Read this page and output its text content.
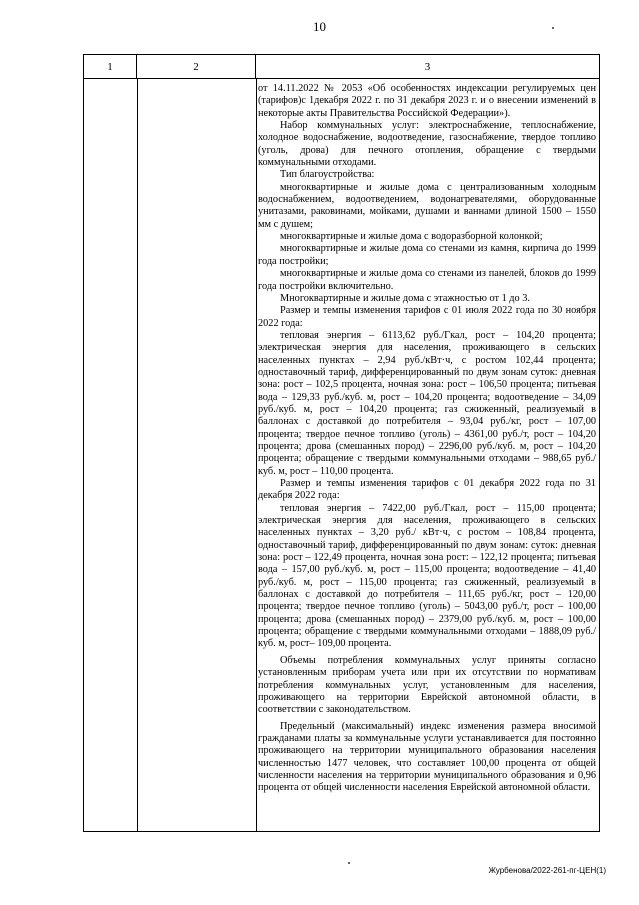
10
1	2	3

от 14.11.2022 № 2053 «Об особенностях индексации регулируемых цен (тарифов)с 1декабря 2022 г. по 31 декабря 2023 г. и о внесении изменений в некоторые акты Правительства Российской Федерации»).

Набор коммунальных услуг: электроснабжение, теплоснабжение, холодное водоснабжение, водоотведение, газоснабжение, твердое топливо (уголь, дрова) для печного отопления, обращение с твердыми коммунальными отходами.

Тип благоустройства:

многоквартирные и жилые дома с централизованным холодным водоснабжением, водоотведением, водонагревателями, оборудованные унитазами, раковинами, мойками, душами и ваннами длиной 1500 – 1550 мм с душем;

многоквартирные и жилые дома с водоразборной колонкой;

многоквартирные и жилые дома со стенами из камня, кирпича до 1999 года постройки;

многоквартирные и жилые дома со стенами из панелей, блоков до 1999 года постройки включительно.

Многоквартирные и жилые дома с этажностью от 1 до 3.

Размер и темпы изменения тарифов с 01 июля 2022 года по 30 ноября 2022 года:

тепловая энергия – 6113,62 руб./Гкал, рост – 104,20 процента; электрическая энергия для населения, проживающего в сельских населенных пунктах – 2,94 руб./кВт·ч, с ростом 102,44 процента; одноставочный тариф, дифференцированный по двум зонам суток: дневная зона: рост – 102,5 процента, ночная зона: рост – 106,50 процента; питьевая вода – 129,33 руб./куб. м, рост – 104,20 процента; водоотведение – 34,09 руб./куб. м, рост – 104,20 процента; газ сжиженный, реализуемый в баллонах с доставкой до потребителя – 93,04 руб./кг, рост – 107,00 процента; твердое печное топливо (уголь) – 4361,00 руб./т, рост – 104,20 процента; дрова (смешанных пород) – 2296,00 руб./куб. м, рост – 104,20 процента; обращение с твердыми коммунальными отходами – 988,65 руб./куб. м, рост – 110,00 процента.

Размер и темпы изменения тарифов с 01 декабря 2022 года по 31 декабря 2022 года:

тепловая энергия – 7422,00 руб./Гкал, рост – 115,00 процента; электрическая энергия для населения, проживающего в сельских населенных пунктах – 3,20 руб./ кВт·ч, с ростом – 108,84 процента, одноставочный тариф, дифференцированный по двум зонам: суток: дневная зона: рост – 122,49 процента, ночная зона рост: – 122,12 процента; питьевая вода – 157,00 руб./куб. м, рост – 115,00 процента; водоотведение – 41,40 руб./куб. м, рост – 115,00 процента; газ сжиженный, реализуемый в баллонах с доставкой до потребителя – 111,65 руб./кг, рост – 120,00 процента; твердое печное топливо (уголь) – 5043,00 руб./т, рост – 100,00 процента; дрова (смешанных пород) – 2379,00 руб./куб. м, рост – 100,00 процента; обращение с твердыми коммунальными отходами – 1888,09 руб./куб. м, рост– 109,00 процента.

Объемы потребления коммунальных услуг приняты согласно установленным приборам учета или при их отсутствии по нормативам потребления коммунальных услуг, установленным для населения, проживающего на территории Еврейской автономной области, в соответствии с законодательством.

Предельный (максимальный) индекс изменения размера вносимой гражданами платы за коммунальные услуги устанавливается для постоянно проживающего на территории муниципального образования населения численностью 1477 человек, что составляет 100,00 процента от общей численности населения на территории муниципального образования и 0,96 процента от общей численности населения Еврейской автономной области.

Журбенова/2022-261-пг-ЦЕН(1)
